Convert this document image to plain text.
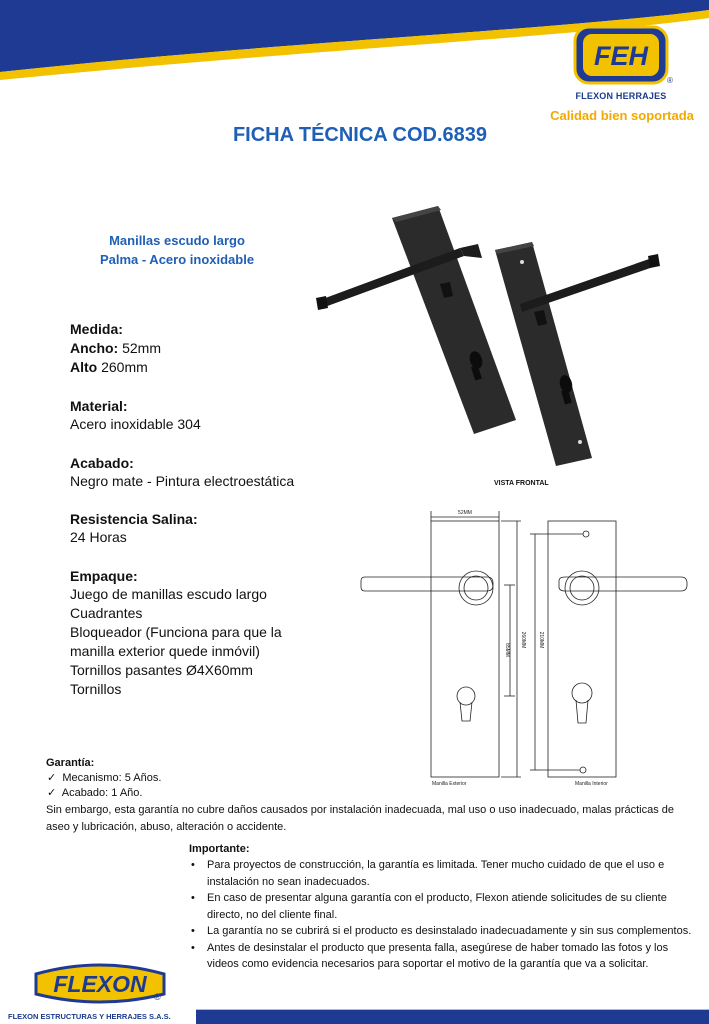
FEH
®
FLEXON HERRAJES
Calidad bien soportada
FICHA TÉCNICA COD.6839
Manillas escudo largo
Palma - Acero inoxidable
Medida:
Ancho: 52mm
Alto 260mm
Material:
Acero inoxidable 304
Acabado:
Negro mate - Pintura electroestática
Resistencia Salina:
24 Horas
Empaque:
Juego de manillas escudo largo
Cuadrantes
Bloqueador (Funciona para que la
manilla exterior quede inmóvil)
Tornillos pasantes Ø4X60mm
Tornillos
VISTA FRONTAL
52MM
85MM
260MM 210MM
Manilla Exterior	Manilla Interior
Garantía:
✓ Mecanismo: 5 Años.
✓ Acabado: 1 Año.
Sin embargo, esta garantía no cubre daños causados por instalación inadecuada, mal uso o uso inadecuado, malas prácticas de aseo y lubricación, abuso, alteración o accidente.
Importante:
• Para proyectos de construcción, la garantía es limitada. Tener mucho cuidado de que el uso e instalación no sean inadecuados.
• En caso de presentar alguna garantía con el producto, Flexon atiende solicitudes de su cliente directo, no del cliente final.
• La garantía no se cubrirá si el producto es desinstalado inadecuadamente y sin sus complementos.
• Antes de desinstalar el producto que presenta falla, asegúrese de haber tomado las fotos y los videos como evidencia necesarios para soportar el motivo de la garantía que va a solicitar.
FLEXON ®
FLEXON ESTRUCTURAS Y HERRAJES S.A.S.
